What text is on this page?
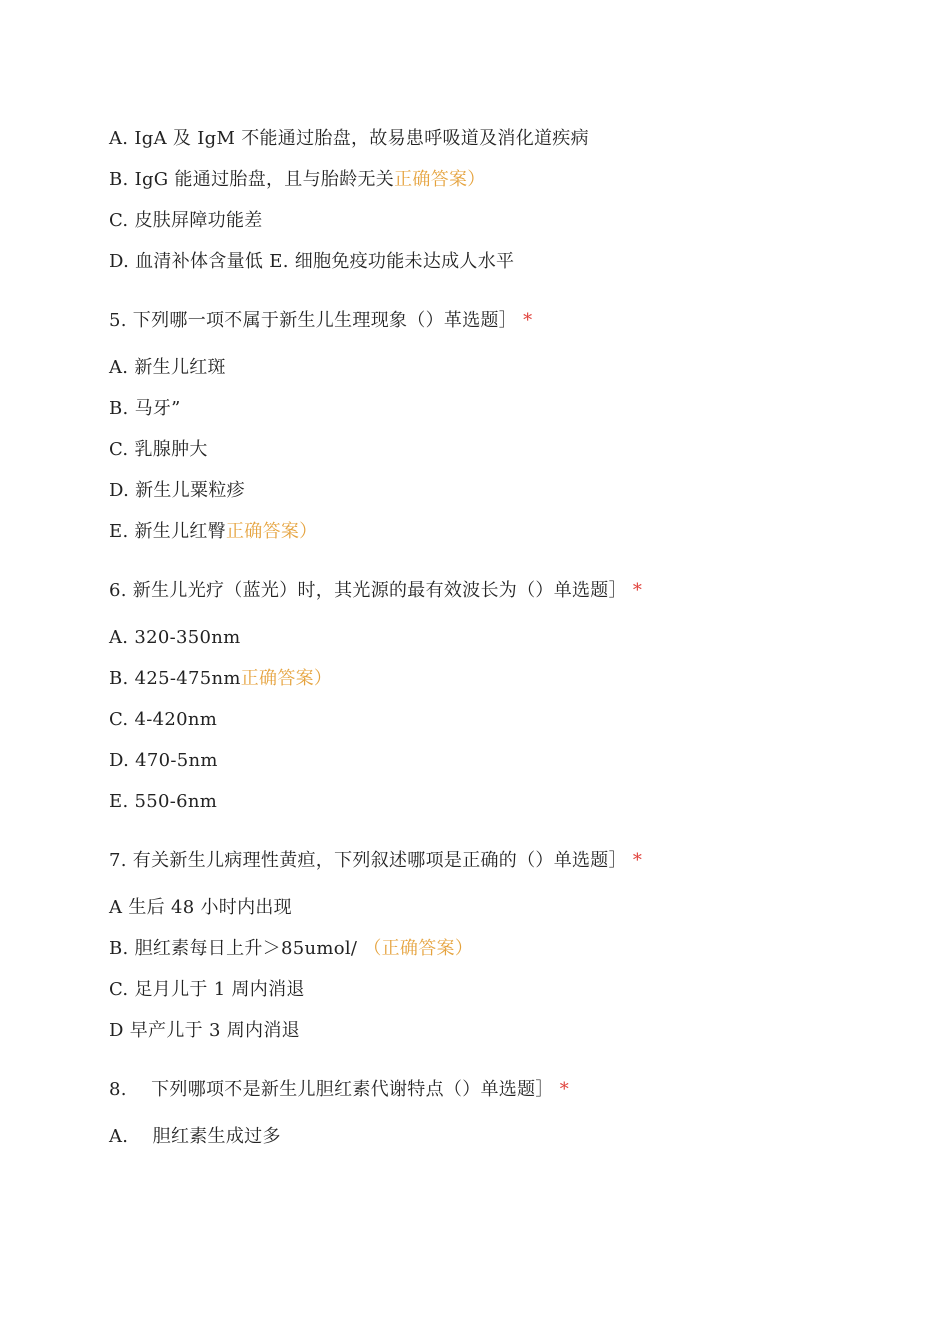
A. IgA 及 IgM 不能通过胎盘，故易患呼吸道及消化道疾病
B. IgG 能通过胎盘，且与胎龄无关正确答案）
C. 皮肤屏障功能差
D. 血清补体含量低 E. 细胞免疫功能未达成人水平
5. 下列哪一项不属于新生儿生理现象（）革选题］ *
A. 新生儿红斑
B. 马牙”
C. 乳腺肿大
D. 新生儿粟粒疹
E. 新生儿红臀正确答案）
6. 新生儿光疗（蓝光）时，其光源的最有效波长为（）单选题］ *
A. 320-350nm
B. 425-475nm正确答案）
C. 4-420nm
D. 470-5nm
E. 550-6nm
7. 有关新生儿病理性黄疸，下列叙述哪项是正确的（）单选题］ *
A 生后 48 小时内出现
B. 胆红素每日上升＞85umol/ （正确答案）
C. 足月儿于 1 周内消退
D 早产儿于 3 周内消退
8.　 下列哪项不是新生儿胆红素代谢特点（）单选题］ *
A.　 胆红素生成过多
